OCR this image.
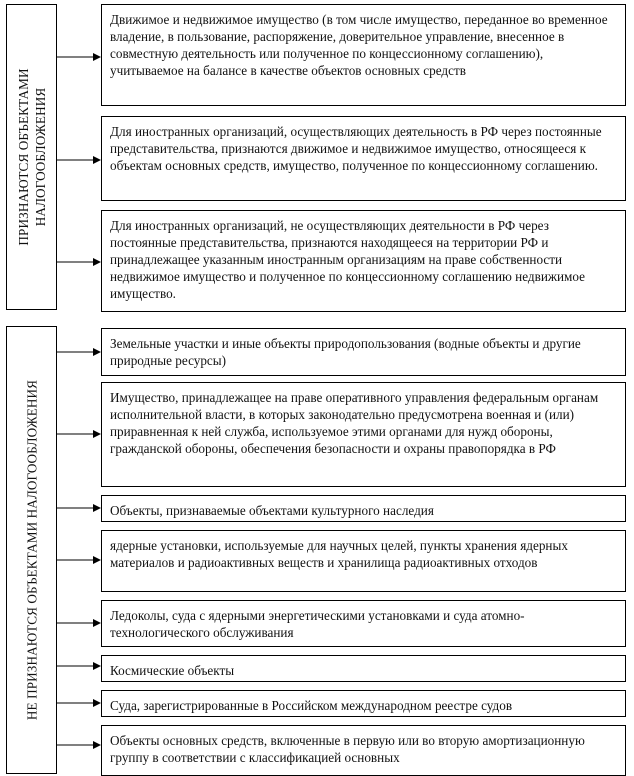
ПРИЗНАЮТСЯ ОБЪЕКТАМИ НАЛОГООБЛОЖЕНИЯ
Движимое и недвижимое имущество (в том числе имущество, переданное во временное владение, в пользование, распоряжение, доверительное управление, внесенное в совместную деятельность или полученное по концессионному соглашению), учитываемое на балансе в качестве объектов основных средств
Для иностранных организаций, осуществляющих деятельность в РФ через постоянные представительства, признаются движимое и недвижимое имущество, относящееся к объектам основных средств, имущество, полученное по концессионному соглашению.
Для иностранных организаций, не осуществляющих деятельности в РФ через постоянные представительства, признаются находящееся на территории РФ и принадлежащее указанным иностранным организациям на праве собственности недвижимое имущество и полученное по концессионному соглашению недвижимое имущество.
НЕ ПРИЗНАЮТСЯ ОБЪЕКТАМИ НАЛОГООБЛОЖЕНИЯ
Земельные участки и иные объекты природопользования (водные объекты и другие природные ресурсы)
Имущество, принадлежащее на праве оперативного управления федеральным органам исполнительной власти, в которых законодательно предусмотрена военная и (или) приравненная к ней служба, используемое этими органами для нужд обороны, гражданской обороны, обеспечения безопасности и охраны правопорядка в РФ
Объекты, признаваемые объектами культурного наследия
ядерные установки, используемые для научных целей, пункты хранения ядерных материалов и радиоактивных веществ и хранилища радиоактивных отходов
Ледоколы, суда с ядерными энергетическими установками и суда атомно-технологического обслуживания
Космические объекты
Суда, зарегистрированные в Российском международном реестре судов
Объекты основных средств, включенные в первую или во вторую амортизационную группу в соответствии с классификацией основных
